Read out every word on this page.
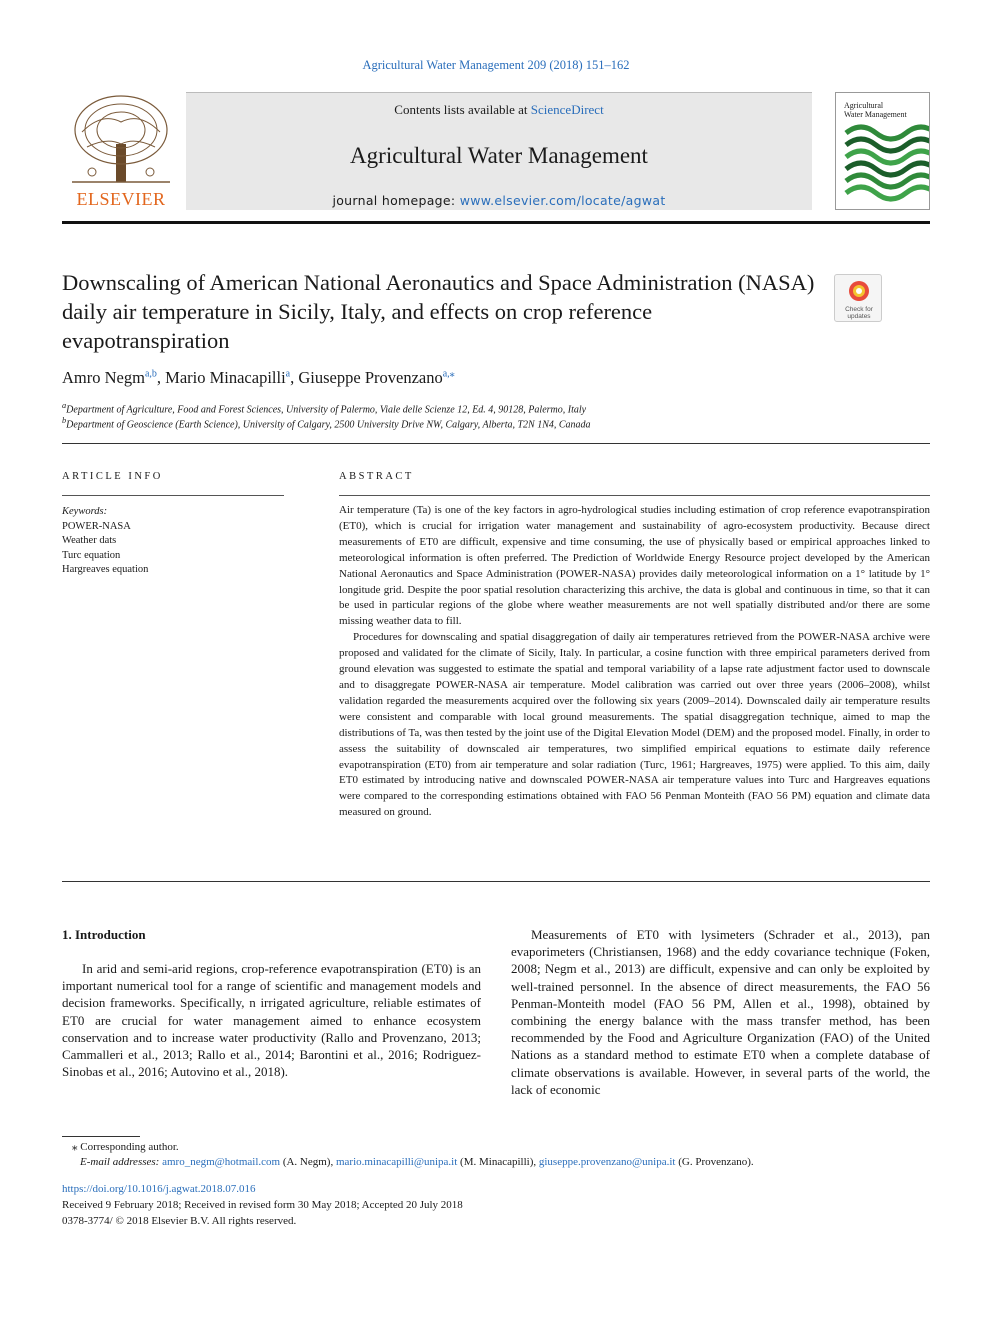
Agricultural Water Management 209 (2018) 151–162
ELSEVIER
Contents lists available at ScienceDirect
Agricultural Water Management
journal homepage: www.elsevier.com/locate/agwat
Agricultural
Water Management
Downscaling of American National Aeronautics and Space Administration (NASA) daily air temperature in Sicily, Italy, and effects on crop reference evapotranspiration
Check for
updates
Amro Negm$^{a,b}$, Mario Minacapilli$^a$, Giuseppe Provenzano$^{a,⁎}$
$^a$Department of Agriculture, Food and Forest Sciences, University of Palermo, Viale delle Scienze 12, Ed. 4, 90128, Palermo, Italy
$^b$Department of Geoscience (Earth Science), University of Calgary, 2500 University Drive NW, Calgary, Alberta, T2N 1N4, Canada
ARTICLE INFO	ABSTRACT
Keywords:
POWER-NASA
Weather dats
Turc equation
Hargreaves equation

Air temperature (Ta) is one of the key factors in agro-hydrological studies including estimation of crop reference evapotranspiration (ET0), which is crucial for irrigation water management and sustainability of agro-ecosystem productivity. Because direct measurements of ET0 are difficult, expensive and time consuming, the use of physically based or empirical approaches linked to meteorological information is often preferred. The Prediction of Worldwide Energy Resource project developed by the American National Aeronautics and Space Administration (POWER-NASA) provides daily meteorological information on a 1° latitude by 1° longitude grid. Despite the poor spatial resolution characterizing this archive, the data is global and continuous in time, so that it can be used in particular regions of the globe where weather measurements are not well spatially distributed and/or there are some missing weather data to fill.

Procedures for downscaling and spatial disaggregation of daily air temperatures retrieved from the POWER-NASA archive were proposed and validated for the climate of Sicily, Italy. In particular, a cosine function with three empirical parameters derived from ground elevation was suggested to estimate the spatial and temporal variability of a lapse rate adjustment factor used to downscale and to disaggregate POWER-NASA air temperature. Model calibration was carried out over three years (2006–2008), whilst validation regarded the measurements acquired over the following six years (2009–2014). Downscaled daily air temperature results were consistent and comparable with local ground measurements. The spatial disaggregation technique, aimed to map the distributions of Ta, was then tested by the joint use of the Digital Elevation Model (DEM) and the proposed model. Finally, in order to assess the suitability of downscaled air temperatures, two simplified empirical equations to estimate daily reference evapotranspiration (ET0) from air temperature and solar radiation (Turc, 1961; Hargreaves, 1975) were applied. To this aim, daily ET0 estimated by introducing native and downscaled POWER-NASA air temperature values into Turc and Hargreaves equations were compared to the corresponding estimations obtained with FAO 56 Penman Monteith (FAO 56 PM) equation and climate data measured on ground.

1. Introduction

In arid and semi-arid regions, crop-reference evapotranspiration (ET0) is an important numerical tool for a range of scientific and management models and decision frameworks. Specifically, n irrigated agriculture, reliable estimates of ET0 are crucial for water management aimed to enhance ecosystem conservation and to increase water productivity (Rallo and Provenzano, 2013; Cammalleri et al., 2013; Rallo et al., 2014; Barontini et al., 2016; Rodriguez-Sinobas et al., 2016; Autovino et al., 2018).

Measurements of ET0 with lysimeters (Schrader et al., 2013), pan evaporimeters (Christiansen, 1968) and the eddy covariance technique (Foken, 2008; Negm et al., 2013) are difficult, expensive and can only be exploited by well-trained personnel. In the absence of direct measurements, the FAO 56 Penman-Monteith model (FAO 56 PM, Allen et al., 1998), obtained by combining the energy balance with the mass transfer method, has been recommended by the Food and Agriculture Organization (FAO) of the United Nations as a standard method to estimate ET0 when a complete database of climate observations is available. However, in several parts of the world, the lack of economic

⁎ Corresponding author.
E-mail addresses: amro_negm@hotmail.com (A. Negm), mario.minacapilli@unipa.it (M. Minacapilli), giuseppe.provenzano@unipa.it (G. Provenzano).
https://doi.org/10.1016/j.agwat.2018.07.016
Received 9 February 2018; Received in revised form 30 May 2018; Accepted 20 July 2018
0378-3774/ © 2018 Elsevier B.V. All rights reserved.
